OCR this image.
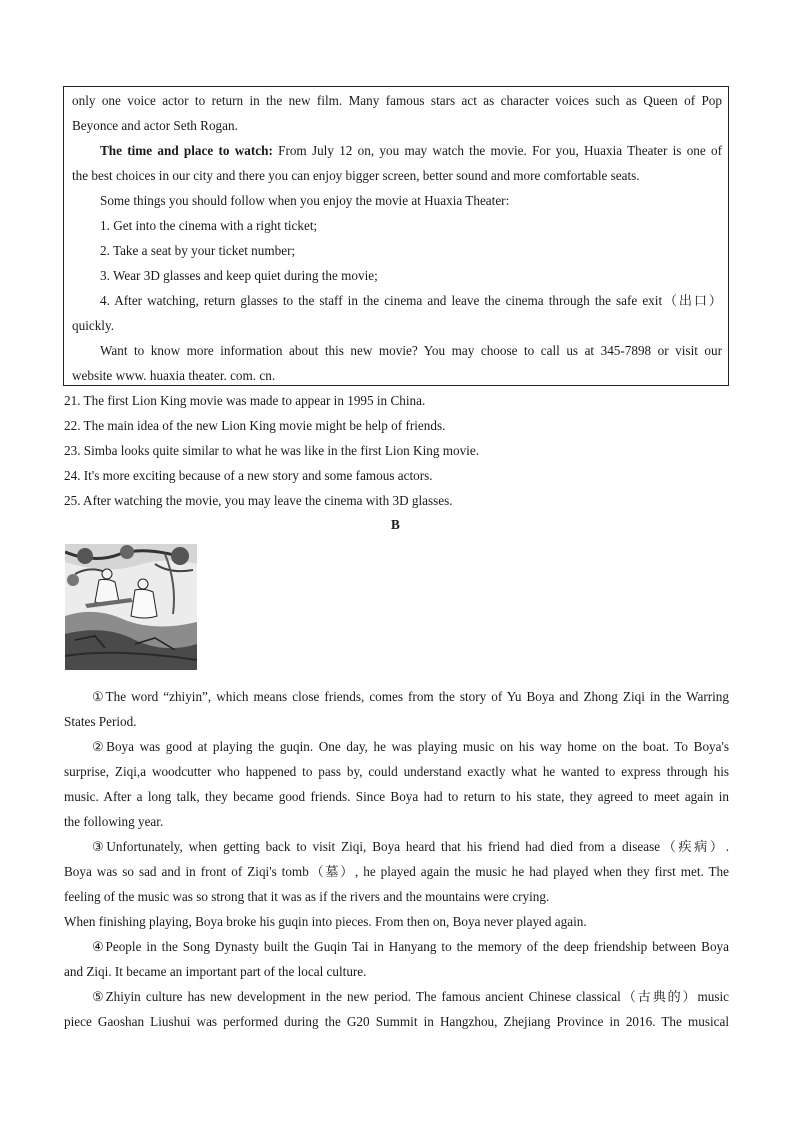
only one voice actor to return in the new film. Many famous stars act as character voices such as Queen of Pop
Beyonce and actor Seth Rogan.
The time and place to watch: From July 12 on, you may watch the movie. For you, Huaxia Theater is one of
the best choices in our city and there you can enjoy bigger screen, better sound and more comfortable seats.
Some things you should follow when you enjoy the movie at Huaxia Theater:
1. Get into the cinema with a right ticket;
2. Take a seat by your ticket number;
3. Wear 3D glasses and keep quiet during the movie;
4. After watching, return glasses to the staff in the cinema and leave the cinema through the safe exit（出口）
quickly.
Want to know more information about this new movie? You may choose to call us at 345-7898 or visit our
website www. huaxia theater. com. cn.
21. The first Lion King movie was made to appear in 1995 in China.
22. The main idea of the new Lion King movie might be help of friends.
23. Simba looks quite similar to what he was like in the first Lion King movie.
24. It's more exciting because of a new story and some famous actors.
25. After watching the movie, you may leave the cinema with 3D glasses.
B
①The word “zhiyin”, which means close friends, comes from the story of Yu Boya and Zhong Ziqi in the Warring
States Period.
②Boya was good at playing the guqin. One day, he was playing music on his way home on the boat. To Boya's
surprise, Ziqi,a woodcutter who happened to pass by, could understand exactly what he wanted to express through his
music. After a long talk, they became good friends. Since Boya had to return to his state, they agreed to meet again in
the following year.
③Unfortunately, when getting back to visit Ziqi, Boya heard that his friend had died from a disease（疾病）.
Boya was so sad and in front of Ziqi's tomb（墓）, he played again the music he had played when they first met. The
feeling of the music was so strong that it was as if the rivers and the mountains were crying.
When finishing playing, Boya broke his guqin into pieces. From then on, Boya never played again.
④People in the Song Dynasty built the Guqin Tai in Hanyang to the memory of the deep friendship between Boya
and Ziqi. It became an important part of the local culture.
⑤Zhiyin culture has new development in the new period. The famous ancient Chinese classical（古典的）music
piece Gaoshan Liushui was performed during the G20 Summit in Hangzhou, Zhejiang Province in 2016. The musical
